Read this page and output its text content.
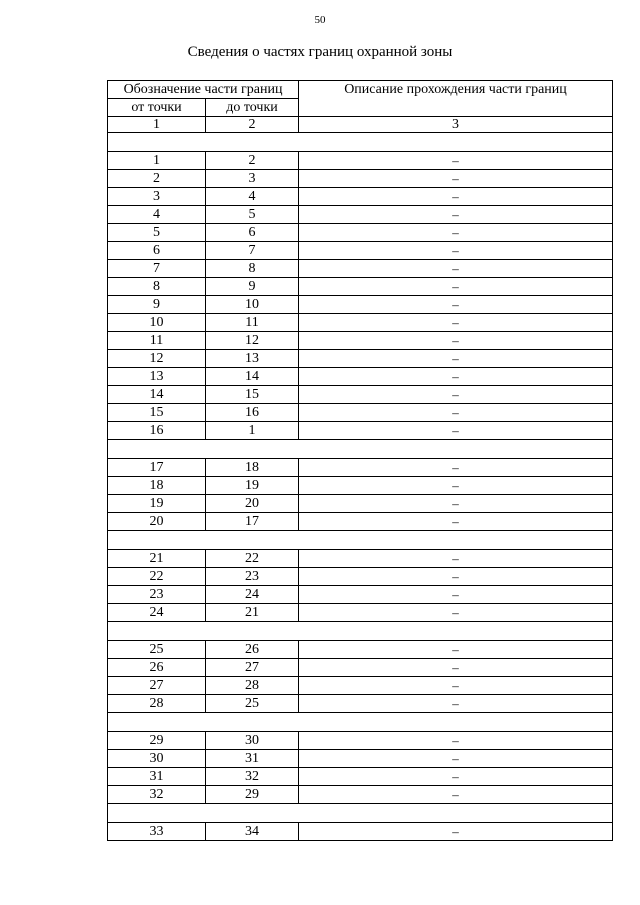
50
Сведения о частях границ охранной зоны
Обозначение части границ		Описание прохождения части границ
от точки	до точки	
1	2	3

1	2	–
2	3	–
3	4	–
4	5	–
5	6	–
6	7	–
7	8	–
8	9	–
9	10	–
10	11	–
11	12	–
12	13	–
13	14	–
14	15	–
15	16	–
16	1	–

17	18	–
18	19	–
19	20	–
20	17	–

21	22	–
22	23	–
23	24	–
24	21	–

25	26	–
26	27	–
27	28	–
28	25	–

29	30	–
30	31	–
31	32	–
32	29	–

33	34	–
